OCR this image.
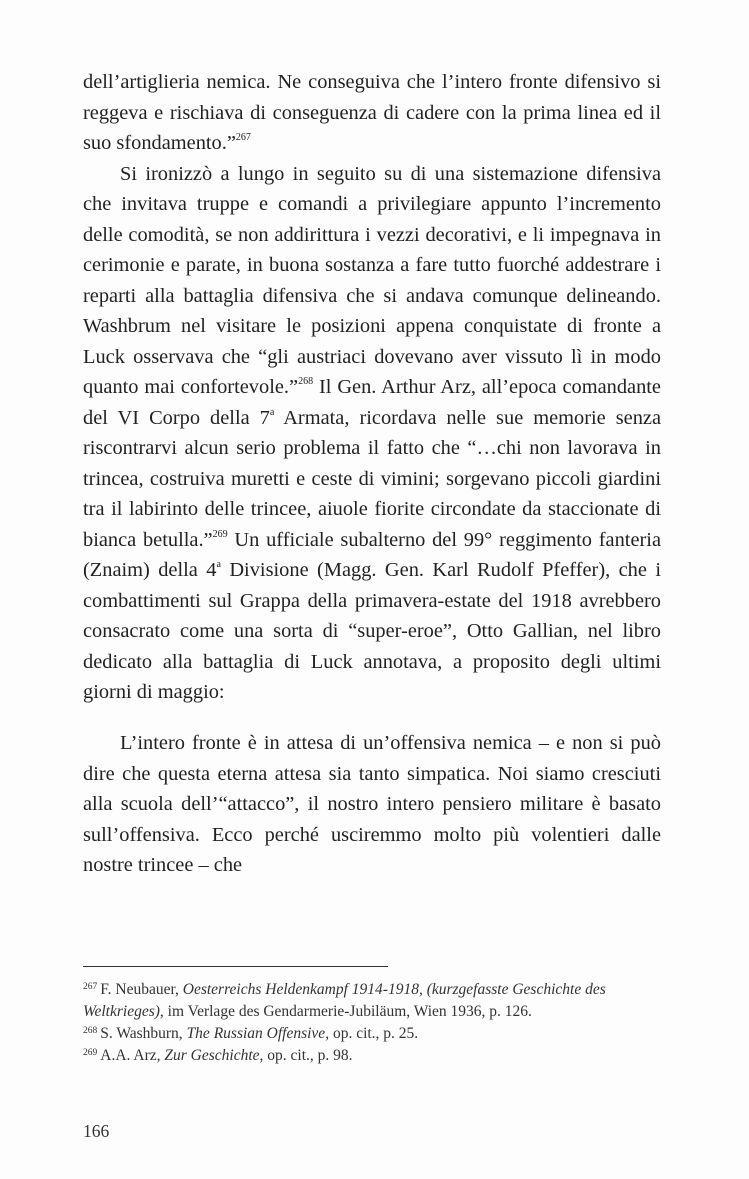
dell’artiglieria nemica. Ne conseguiva che l’intero fronte difensivo si reggeva e rischiava di conseguenza di cadere con la prima linea ed il suo sfondamento.”$^{267}$

Si ironizzò a lungo in seguito su di una sistemazione difensiva che invitava truppe e comandi a privilegiare appunto l’incremento delle comodità, se non addirittura i vezzi decorativi, e li impegnava in cerimonie e parate, in buona sostanza a fare tutto fuorché addestrare i reparti alla battaglia difensiva che si andava comunque delineando. Washbrum nel visitare le posizioni appena conquistate di fronte a Luck osservava che “gli austriaci dovevano aver vissuto lì in modo quanto mai confortevole.”$^{268}$ Il Gen. Arthur Arz, all’epoca comandante del VI Corpo della 7$^a$ Armata, ricordava nelle sue memorie senza riscontrarvi alcun serio problema il fatto che “…chi non lavorava in trincea, costruiva muretti e ceste di vimini; sorgevano piccoli giardini tra il labirinto delle trincee, aiuole fiorite circondate da staccionate di bianca betulla.”$^{269}$ Un ufficiale subalterno del 99° reggimento fanteria (Znaim) della 4$^a$ Divisione (Magg. Gen. Karl Rudolf Pfeffer), che i combattimenti sul Grappa della primavera-estate del 1918 avrebbero consacrato come una sorta di “super-eroe”, Otto Gallian, nel libro dedicato alla battaglia di Luck annotava, a proposito degli ultimi giorni di maggio:

L’intero fronte è in attesa di un’offensiva nemica – e non si può dire che questa eterna attesa sia tanto simpatica. Noi siamo cresciuti alla scuola dell’“attacco”, il nostro intero pensiero militare è basato sull’offensiva. Ecco perché usciremmo molto più volentieri dalle nostre trincee – che

$^{267}$ F. Neubauer, Oesterreichs Heldenkampf 1914-1918, (kurzgefasste Geschichte des Weltkrieges), im Verlage des Gendarmerie-Jubiläum, Wien 1936, p. 126.

$^{268}$ S. Washburn, The Russian Offensive, op. cit., p. 25.

$^{269}$ A.A. Arz, Zur Geschichte, op. cit., p. 98.

166
